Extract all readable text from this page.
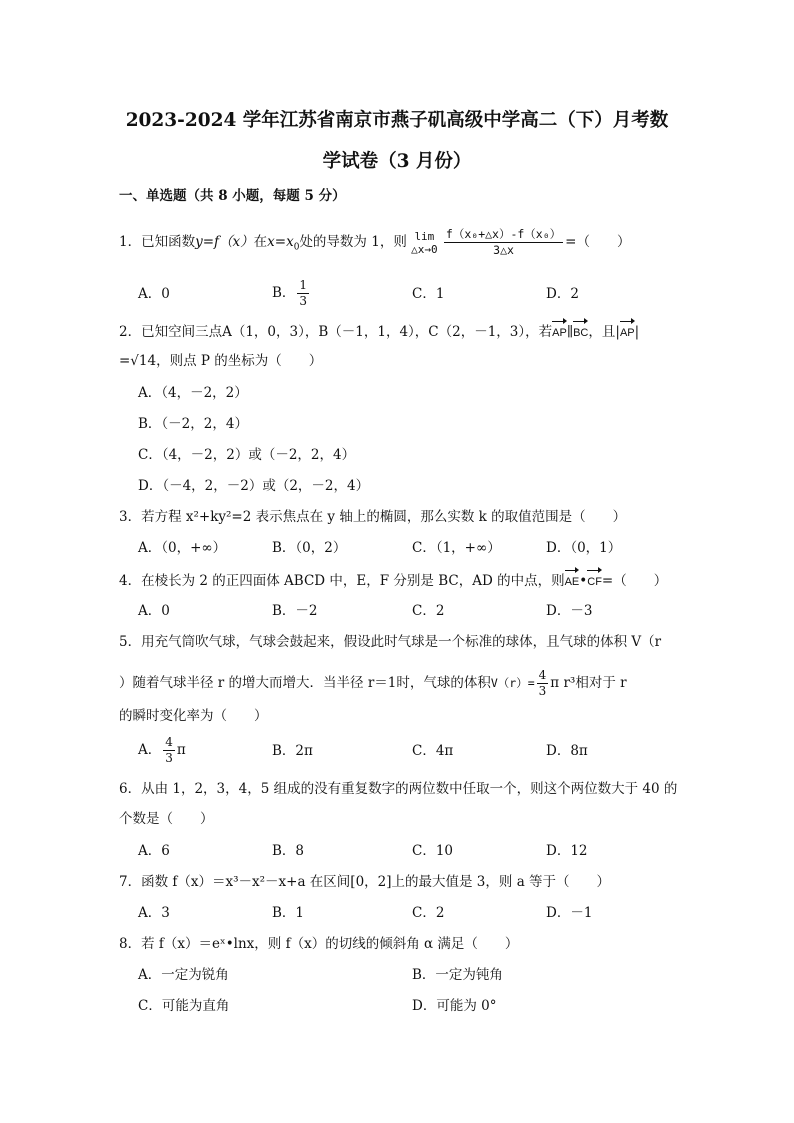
2023-2024 学年江苏省南京市燕子矶高级中学高二（下）月考数
学试卷（3 月份）
一、单选题（共 8 小题，每题 5 分）
1．已知函数y=f（x）在$x=x_0$处的导数为 1，则 lim
△x→0
$\frac{\text{f（x₀+△x）-f（x₀）}}{3\triangle x}$ =（　　）
A．0	B． $\frac{1}{3}$	C．1	D．2
2．已知空间三点A（1，0，3），B（－1，1，4），C（2，－1，3），若AP∥BC，且|AP|
=√14，则点 P 的坐标为（　　）
A．（4，－2，2）
B．（－2，2，4）
C．（4，－2，2）或（－2，2，4）
D．（－4，2，－2）或（2，－2，4）
3．若方程 x²+ky²=2 表示焦点在 y 轴上的椭圆，那么实数 k 的取值范围是（　　）
A．（0，+∞）	B．（0，2）	C．（1，+∞）	D．（0，1）
4．在棱长为 2 的正四面体 ABCD 中，E，F 分别是 BC，AD 的中点，则AE•CF=（　　）
A．0	B．－2	C．2	D．－3
5．用充气筒吹气球，气球会鼓起来，假设此时气球是一个标准的球体，且气球的体积 V（r
）随着气球半径 r 的增大而增大．当半径 r＝1时，气球的体积$V(r)= \frac{4}{3}$ π r³相对于 r
的瞬时变化率为（　　）
A． $\frac{4}{3}$ π	B．2π	C．4π	D．8π
6．从由 1，2，3，4，5 组成的没有重复数字的两位数中任取一个，则这个两位数大于 40 的
个数是（　　）
A．6	B．8	C．10	D．12
7．函数 f（x）＝x³－x²－x+a 在区间[0，2]上的最大值是 3，则 a 等于（　　）
A．3	B．1	C．2	D．－1
8．若 f（x）＝eˣ•lnx，则 f（x）的切线的倾斜角 α 满足（　　）
A．一定为锐角	B．一定为钝角
C．可能为直角	D．可能为 0°
